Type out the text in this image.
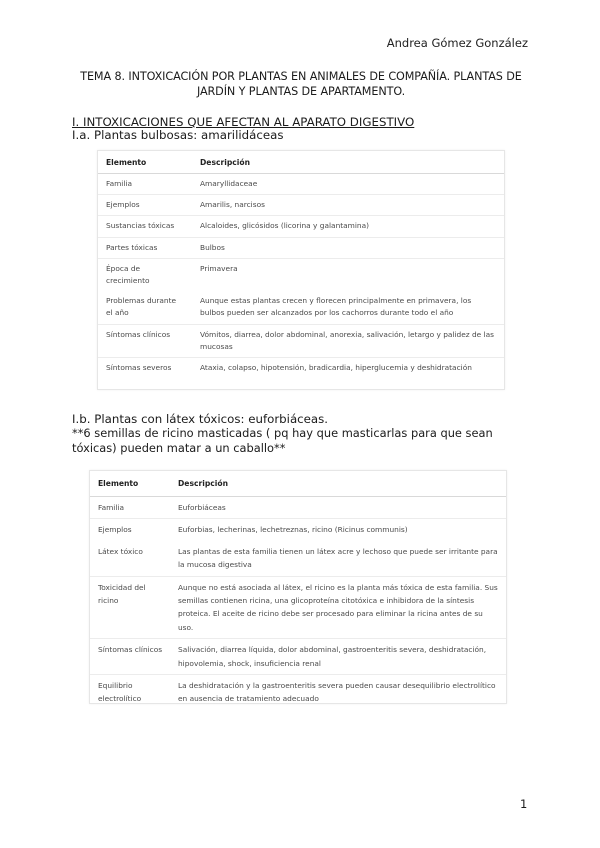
Andrea Gómez González
TEMA 8. INTOXICACIÓN POR PLANTAS EN ANIMALES DE COMPAÑÍA. PLANTAS DE JARDÍN Y PLANTAS DE APARTAMENTO.
I. INTOXICACIONES QUE AFECTAN AL APARATO DIGESTIVO
I.a. Plantas bulbosas: amarilidáceas
Elemento	Descripción
Familia	Amaryllidaceae
Ejemplos	Amarilis, narcisos
Sustancias tóxicas	Alcaloides, glicósidos (licorina y galantamina)
Partes tóxicas	Bulbos
Época de crecimiento	Primavera
Problemas durante el año	Aunque estas plantas crecen y florecen principalmente en primavera, los bulbos pueden ser alcanzados por los cachorros durante todo el año
Síntomas clínicos	Vómitos, diarrea, dolor abdominal, anorexia, salivación, letargo y palidez de las mucosas
Síntomas severos	Ataxia, colapso, hipotensión, bradicardia, hiperglucemia y deshidratación
I.b. Plantas con látex tóxicos: euforbiáceas.
**6 semillas de ricino masticadas ( pq hay que masticarlas para que sean tóxicas) pueden matar a un caballo**
Elemento	Descripción
Familia	Euforbiáceas
Ejemplos	Euforbias, lecherinas, lechetreznas, ricino (Ricinus communis)
Látex tóxico	Las plantas de esta familia tienen un látex acre y lechoso que puede ser irritante para la mucosa digestiva
Toxicidad del ricino	Aunque no está asociada al látex, el ricino es la planta más tóxica de esta familia. Sus semillas contienen ricina, una glicoproteína citotóxica e inhibidora de la síntesis proteica. El aceite de ricino debe ser procesado para eliminar la ricina antes de su uso.
Síntomas clínicos	Salivación, diarrea líquida, dolor abdominal, gastroenteritis severa, deshidratación, hipovolemia, shock, insuficiencia renal
Equilibrio electrolítico	La deshidratación y la gastroenteritis severa pueden causar desequilibrio electrolítico en ausencia de tratamiento adecuado
1
